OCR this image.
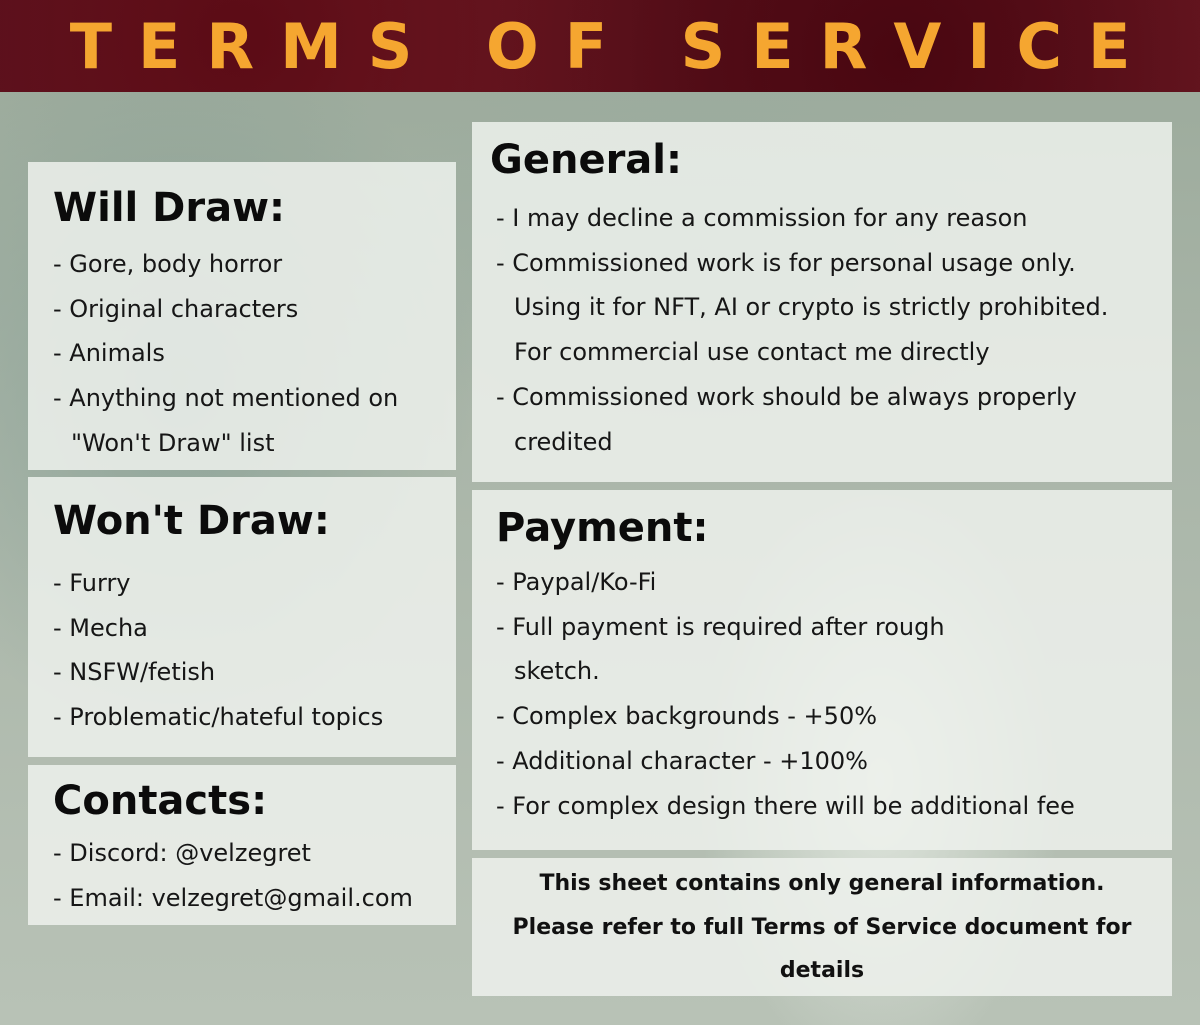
TERMS OF SERVICE
Will Draw:
- Gore, body horror
- Original characters
- Animals
- Anything not mentioned on
"Won't Draw" list
Won't Draw:
- Furry
- Mecha
- NSFW/fetish
- Problematic/hateful topics
Contacts:
- Discord: @velzegret
- Email: velzegret@gmail.com
General:
- I may decline a commission for any reason
- Commissioned work is for personal usage only.
Using it for NFT, AI or crypto is strictly prohibited.
For commercial use contact me directly
- Commissioned work should be always properly
credited
Payment:
- Paypal/Ko-Fi
- Full payment is required after rough
sketch.
- Complex backgrounds - +50%
- Additional character - +100%
- For complex design there will be additional fee
This sheet contains only general information.
Please refer to full Terms of Service document for
details
